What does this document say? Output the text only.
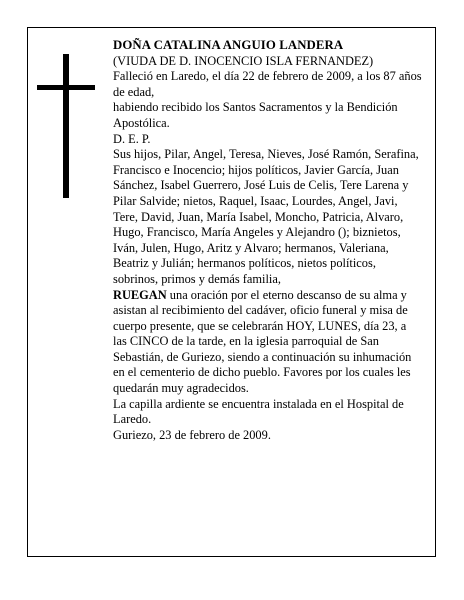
DOÑA CATALINA ANGUIO LANDERA

(VIUDA DE D. INOCENCIO ISLA FERNANDEZ)

Falleció en Laredo, el día 22 de febrero de 2009, a los 87 años de edad,

habiendo recibido los Santos Sacramentos y la Bendición Apostólica.

D. E. P.

Sus hijos, Pilar, Angel, Teresa, Nieves, José Ramón, Serafina, Francisco e Inocencio; hijos políticos, Javier García, Juan Sánchez, Isabel Guerrero, José Luis de Celis, Tere Larena y Pilar Salvide; nietos, Raquel, Isaac, Lourdes, Angel, Javi, Tere, David, Juan, María Isabel, Moncho, Patricia, Alvaro, Hugo, Francisco, María Angeles y Alejandro (); biznietos, Iván, Julen, Hugo, Aritz y Alvaro; hermanos, Valeriana, Beatriz y Julián; hermanos políticos, nietos políticos, sobrinos, primos y demás familia,

RUEGAN una oración por el eterno descanso de su alma y asistan al recibimiento del cadáver, oficio funeral y misa de cuerpo presente, que se celebrarán HOY, LUNES, día 23, a las CINCO de la tarde, en la iglesia parroquial de San Sebastián, de Guriezo, siendo a continuación su inhumación en el cementerio de dicho pueblo. Favores por los cuales les quedarán muy agradecidos.

La capilla ardiente se encuentra instalada en el Hospital de Laredo.

Guriezo, 23 de febrero de 2009.
